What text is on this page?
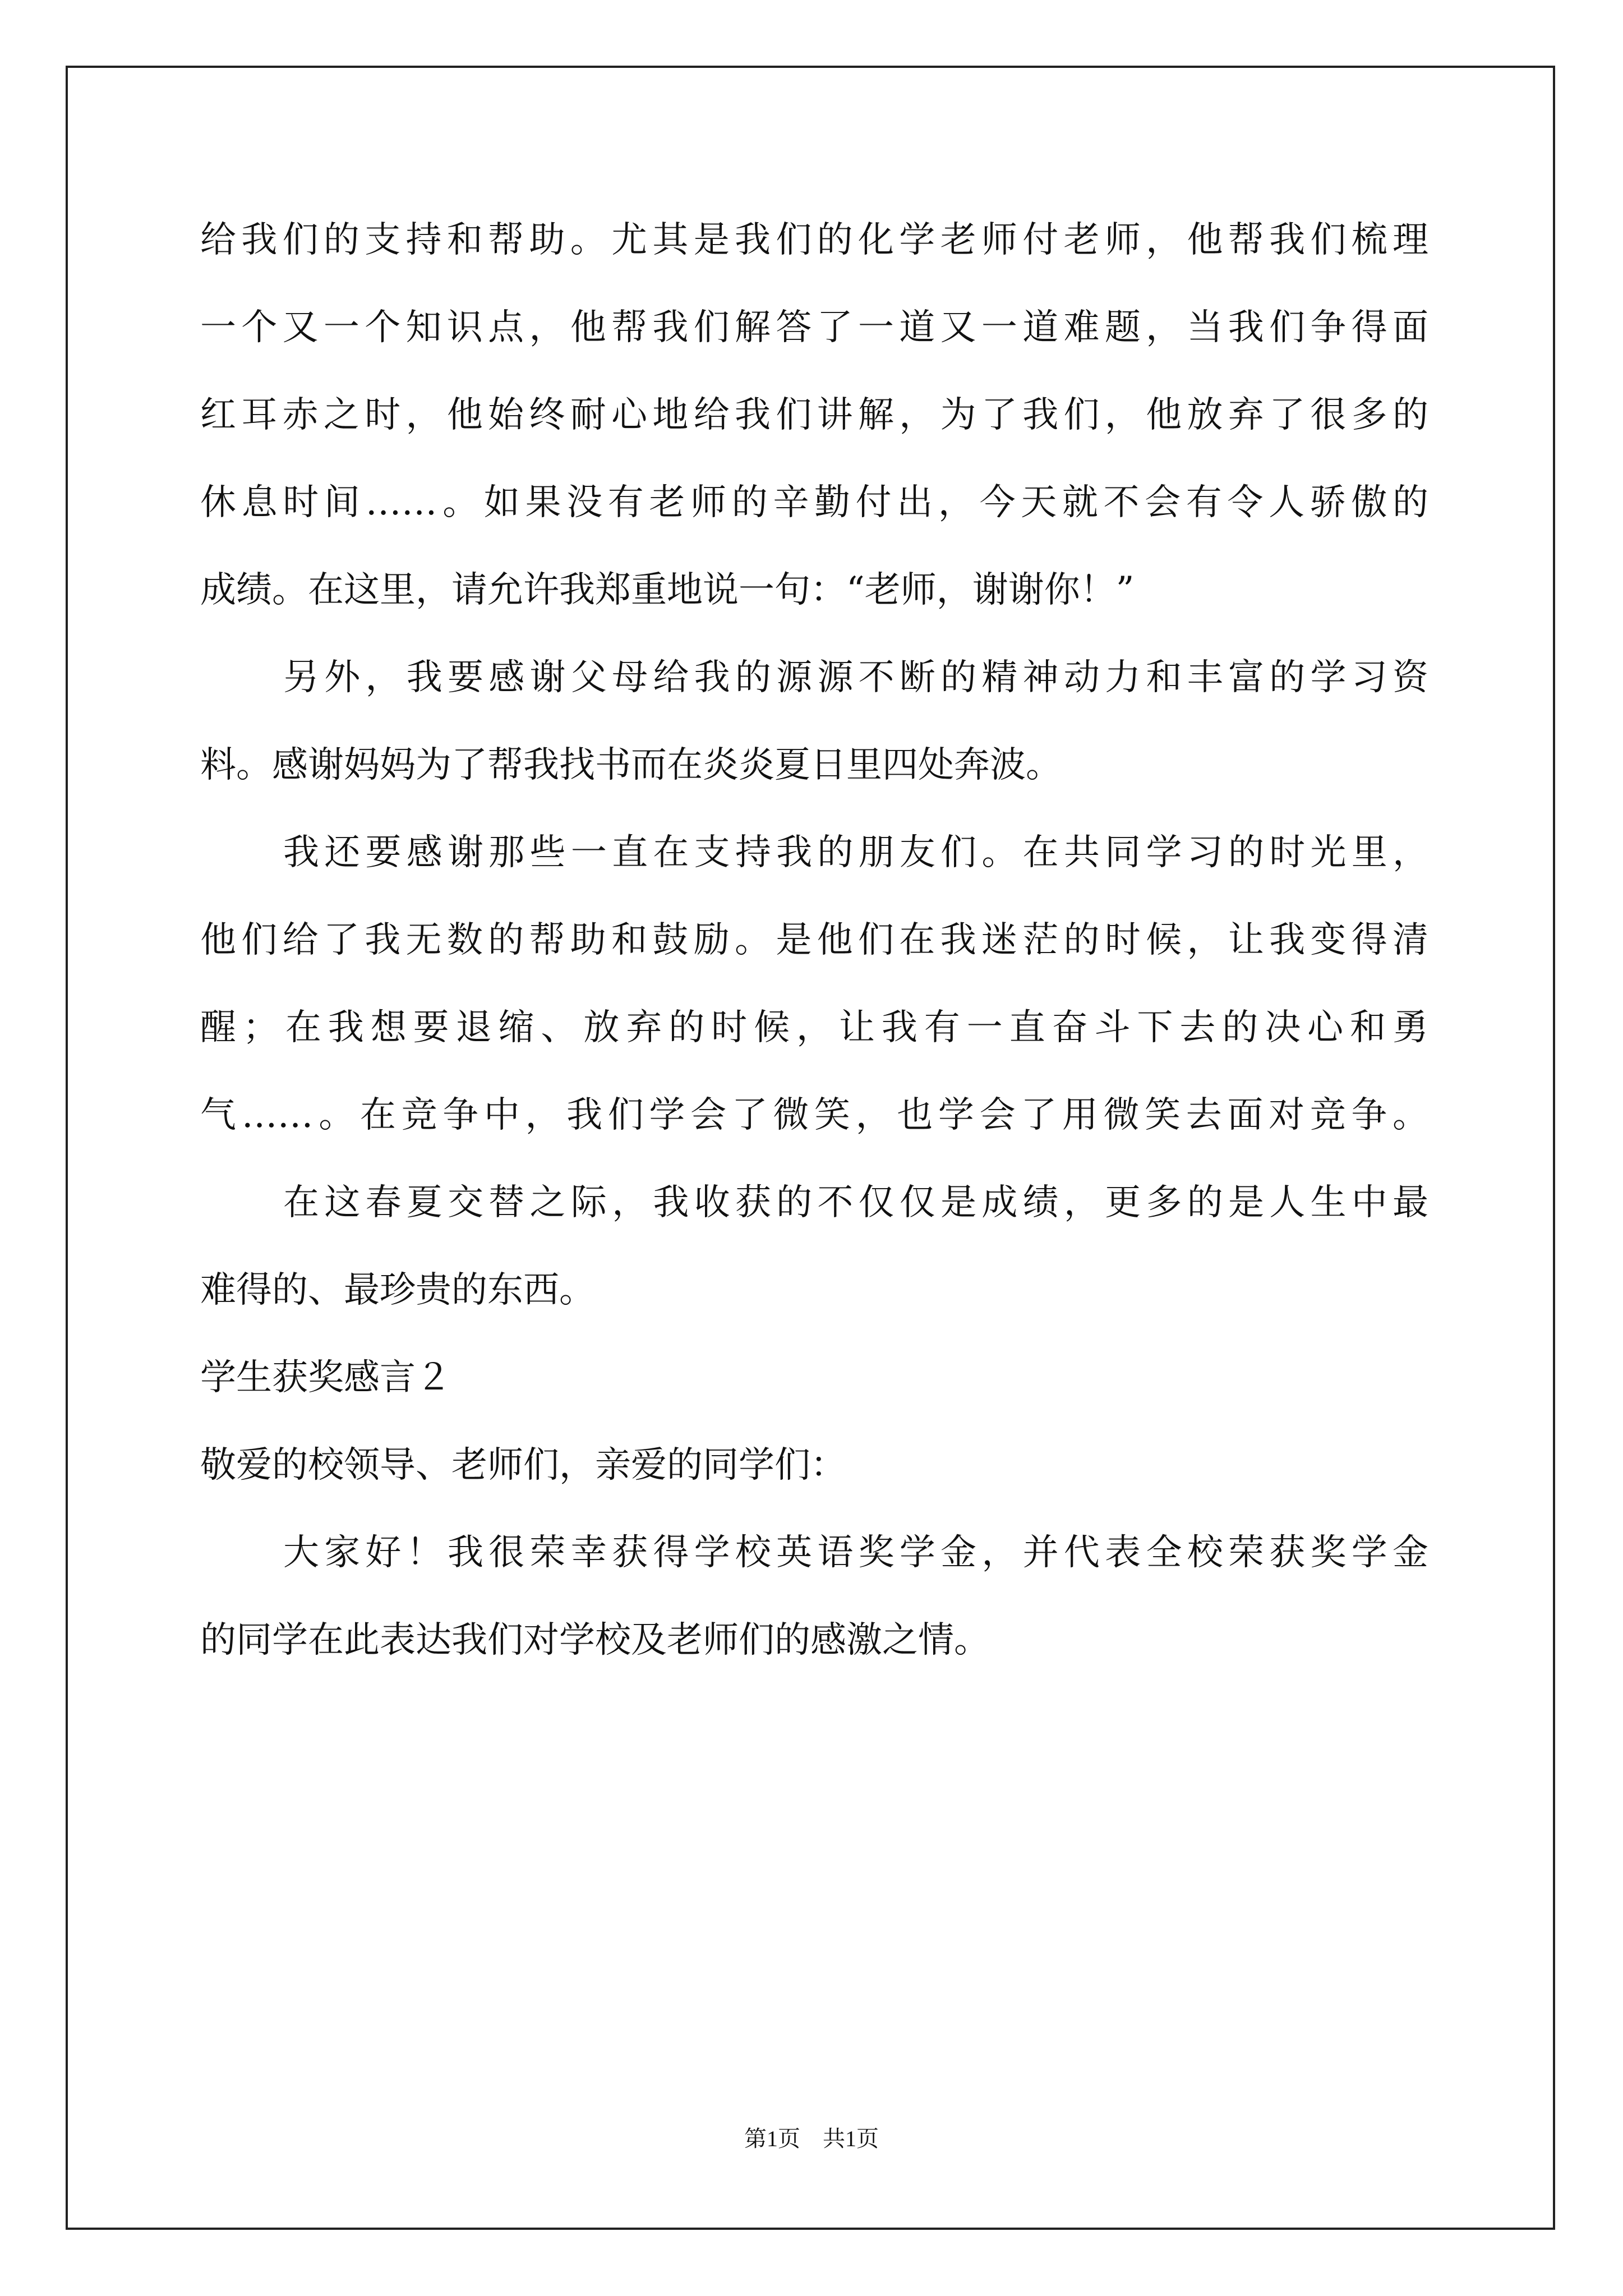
给我们的支持和帮助。尤其是我们的化学老师付老师，他帮我们梳理
一个又一个知识点，他帮我们解答了一道又一道难题，当我们争得面
红耳赤之时，他始终耐心地给我们讲解，为了我们，他放弃了很多的
休息时间……。如果没有老师的辛勤付出，今天就不会有令人骄傲的
成绩。在这里，请允许我郑重地说一句：“老师，谢谢你！”
另外，我要感谢父母给我的源源不断的精神动力和丰富的学习资
料。感谢妈妈为了帮我找书而在炎炎夏日里四处奔波。
我还要感谢那些一直在支持我的朋友们。在共同学习的时光里，
他们给了我无数的帮助和鼓励。是他们在我迷茫的时候，让我变得清
醒；在我想要退缩、放弃的时候，让我有一直奋斗下去的决心和勇
气……。在竞争中，我们学会了微笑，也学会了用微笑去面对竞争。
在这春夏交替之际，我收获的不仅仅是成绩，更多的是人生中最
难得的、最珍贵的东西。
学生获奖感言２
敬爱的校领导、老师们，亲爱的同学们：
大家好！我很荣幸获得学校英语奖学金，并代表全校荣获奖学金
的同学在此表达我们对学校及老师们的感激之情。
第1页　共1页
